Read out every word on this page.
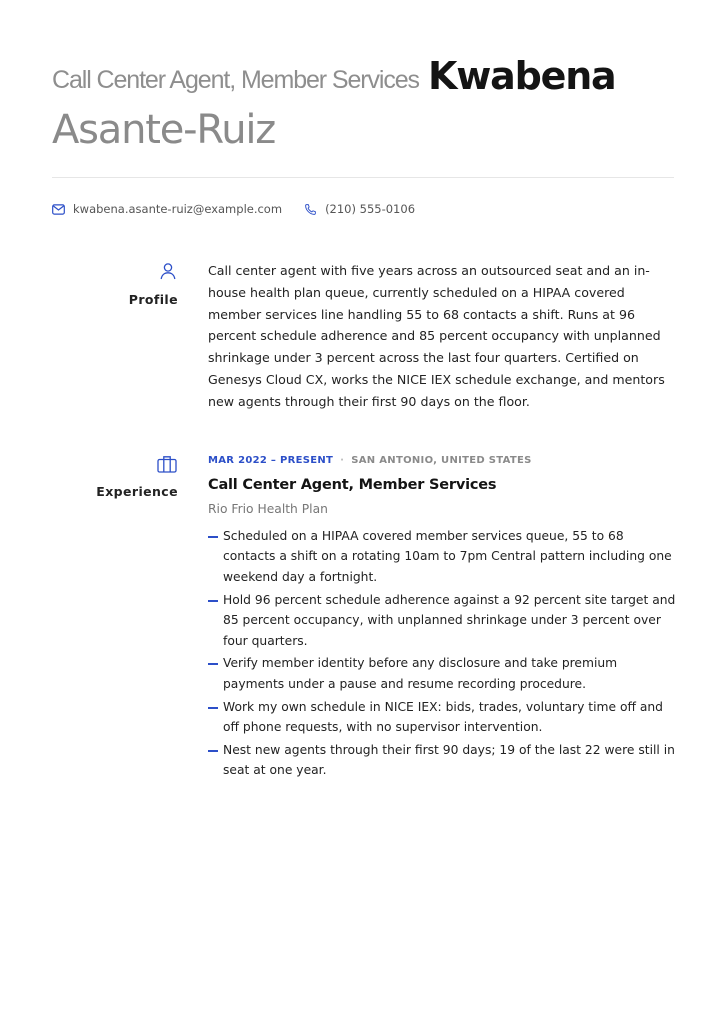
Call Center Agent, Member Services Kwabena
Asante-Ruiz
kwabena.asante-ruiz@example.com	(210) 555-0106
Profile
Call center agent with five years across an outsourced seat and an in-house health plan queue, currently scheduled on a HIPAA covered member services line handling 55 to 68 contacts a shift. Runs at 96 percent schedule adherence and 85 percent occupancy with unplanned shrinkage under 3 percent across the last four quarters. Certified on Genesys Cloud CX, works the NICE IEX schedule exchange, and mentors new agents through their first 90 days on the floor.
Experience
MAR 2022 – PRESENT · SAN ANTONIO, UNITED STATES
Call Center Agent, Member Services
Rio Frio Health Plan
Scheduled on a HIPAA covered member services queue, 55 to 68 contacts a shift on a rotating 10am to 7pm Central pattern including one weekend day a fortnight.
Hold 96 percent schedule adherence against a 92 percent site target and 85 percent occupancy, with unplanned shrinkage under 3 percent over four quarters.
Verify member identity before any disclosure and take premium payments under a pause and resume recording procedure.
Work my own schedule in NICE IEX: bids, trades, voluntary time off and off phone requests, with no supervisor intervention.
Nest new agents through their first 90 days; 19 of the last 22 were still in seat at one year.
